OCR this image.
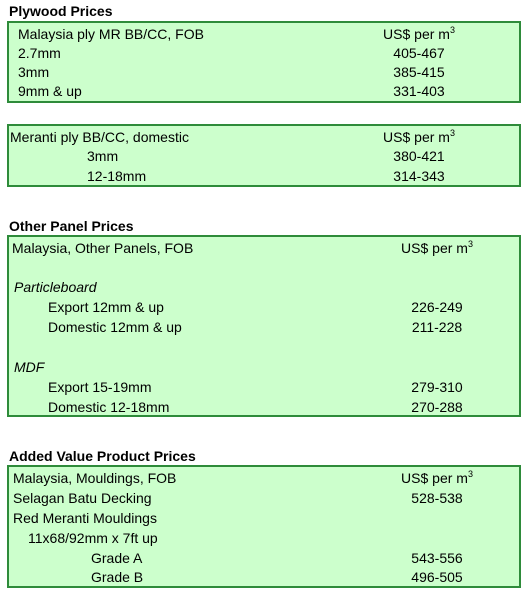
Plywood Prices
Malaysia ply MR BB/CC, FOB	US$ per $m^3$
2.7mm	405-467
3mm	385-415
9mm & up	331-403
Meranti ply BB/CC, domestic	US$ per $m^3$
3mm	380-421
12-18mm	314-343
Other Panel Prices
Malaysia, Other Panels, FOB	US$ per $m^3$
Particleboard
Export 12mm & up	226-249
Domestic 12mm & up	211-228
MDF
Export 15-19mm	279-310
Domestic 12-18mm	270-288
Added Value Product Prices
Malaysia, Mouldings, FOB	US$ per $m^3$
Selagan Batu Decking	528-538
Red Meranti Mouldings
11x68/92mm x 7ft up
Grade A	543-556
Grade B	496-505
